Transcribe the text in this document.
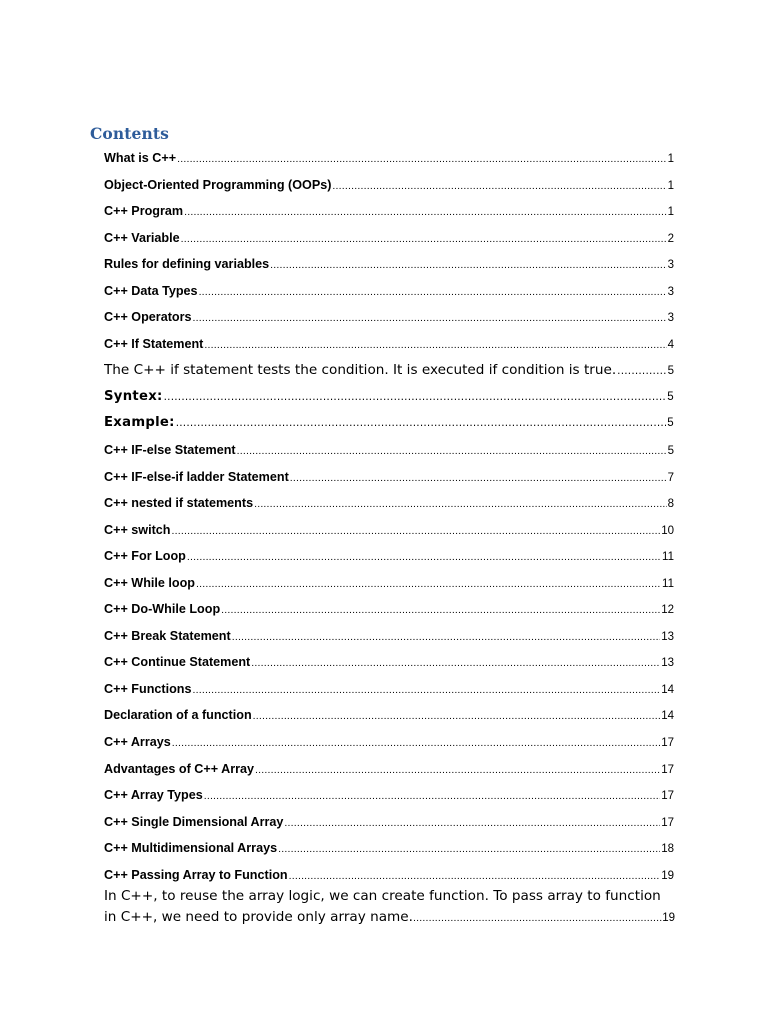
Contents
What is C++ .....	1
Object-Oriented Programming (OOPs) .....	1
C++ Program .....	1
C++ Variable .....	2
Rules for defining variables .....	3
C++ Data Types .....	3
C++ Operators .....	3
C++ If Statement .....	4
The C++ if statement tests the condition. It is executed if condition is true. .....	5
Syntex: .....	5
Example: .....	5
C++ IF-else Statement .....	5
C++ IF-else-if ladder Statement .....	7
C++ nested if statements .....	8
C++ switch .....	10
C++ For Loop .....	11
C++ While loop .....	11
C++ Do-While Loop .....	12
C++ Break Statement .....	13
C++ Continue Statement .....	13
C++ Functions .....	14
Declaration of a function .....	14
C++ Arrays .....	17
Advantages of C++ Array .....	17
C++ Array Types .....	17
C++ Single Dimensional Array .....	17
C++ Multidimensional Arrays .....	18
C++ Passing Array to Function .....	19
In C++, to reuse the array logic, we can create function. To pass array to function
in C++, we need to provide only array name. .....	19
